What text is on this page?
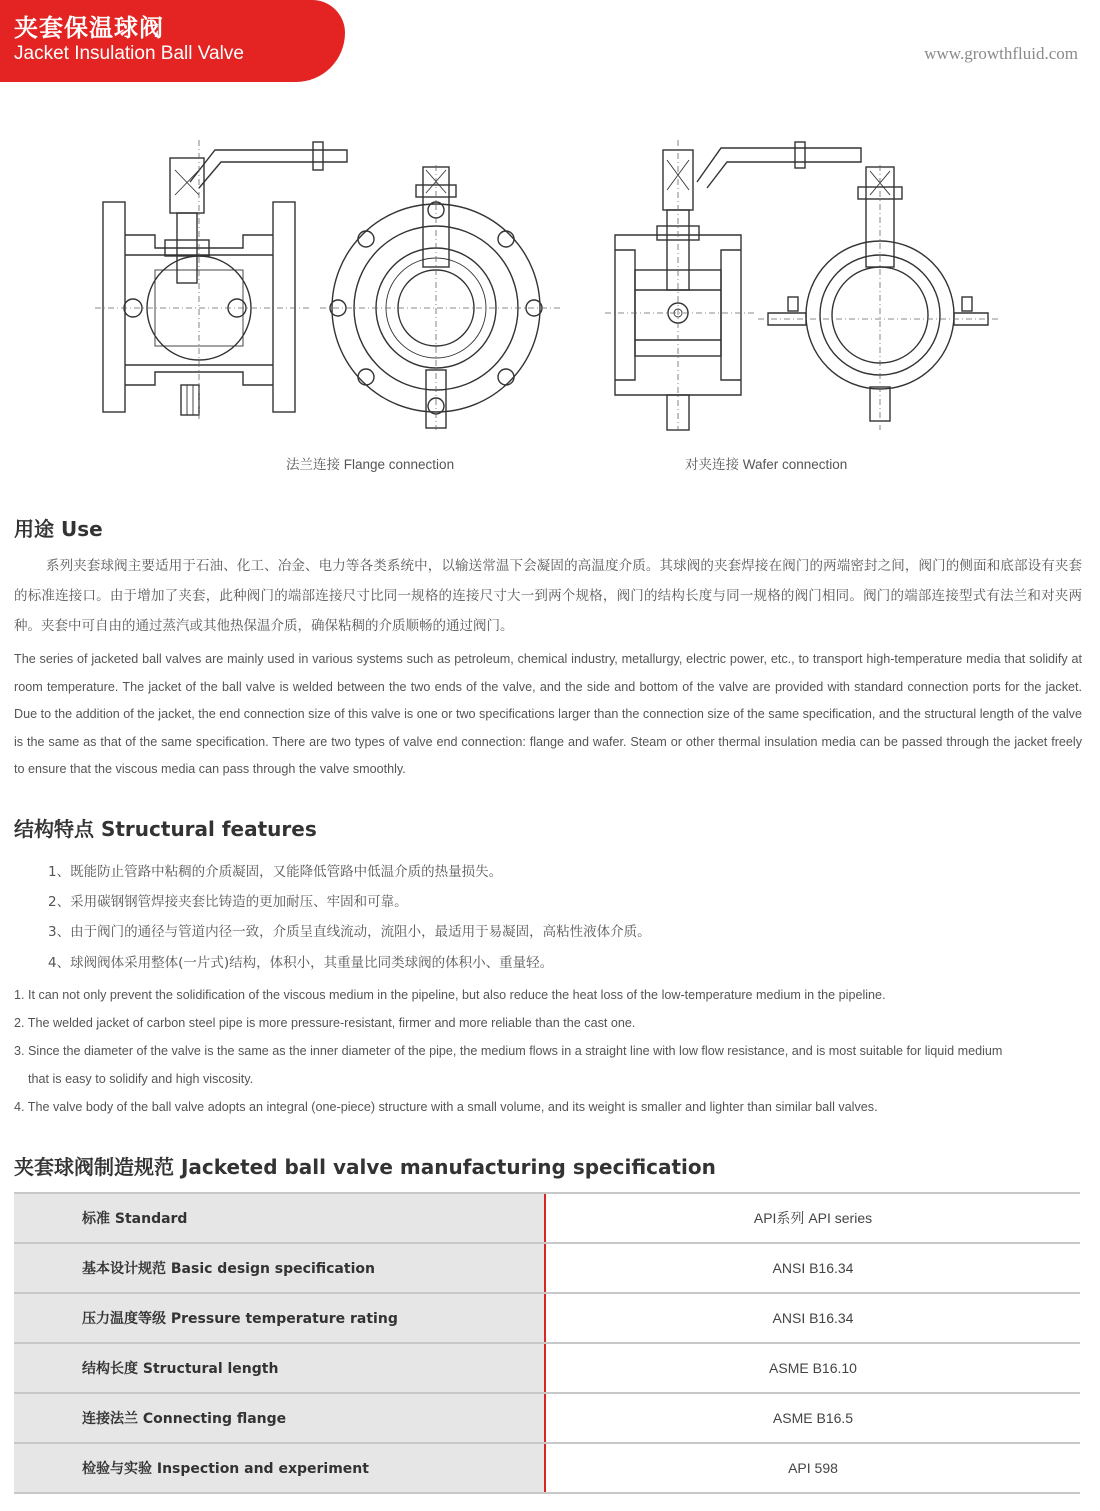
夹套保温球阀
Jacket Insulation Ball Valve	www.growthfluid.com
法兰连接 Flange connection	对夹连接 Wafer connection
用途 Use
系列夹套球阀主要适用于石油、化工、冶金、电力等各类系统中，以输送常温下会凝固的高温度介质。其球阀的夹套焊接在阀门的两端密封之间，阀门的侧面和底部设有夹套的标准连接口。由于增加了夹套，此种阀门的端部连接尺寸比同一规格的连接尺寸大一到两个规格，阀门的结构长度与同一规格的阀门相同。阀门的端部连接型式有法兰和对夹两种。夹套中可自由的通过蒸汽或其他热保温介质，确保粘稠的介质顺畅的通过阀门。
The series of jacketed ball valves are mainly used in various systems such as petroleum, chemical industry, metallurgy, electric power, etc., to transport high-temperature media that solidify at room temperature. The jacket of the ball valve is welded between the two ends of the valve, and the side and bottom of the valve are provided with standard connection ports for the jacket. Due to the addition of the jacket, the end connection size of this valve is one or two specifications larger than the connection size of the same specification, and the structural length of the valve is the same as that of the same specification. There are two types of valve end connection: flange and wafer. Steam or other thermal insulation media can be passed through the jacket freely to ensure that the viscous media can pass through the valve smoothly.
结构特点 Structural features
1、既能防止管路中粘稠的介质凝固，又能降低管路中低温介质的热量损失。
2、采用碳钢钢管焊接夹套比铸造的更加耐压、牢固和可靠。
3、由于阀门的通径与管道内径一致，介质呈直线流动，流阻小，最适用于易凝固，高粘性液体介质。
4、球阀阀体采用整体(一片式)结构，体积小，其重量比同类球阀的体积小、重量轻。
1. It can not only prevent the solidification of the viscous medium in the pipeline, but also reduce the heat loss of the low-temperature medium in the pipeline.
2. The welded jacket of carbon steel pipe is more pressure-resistant, firmer and more reliable than the cast one.
3. Since the diameter of the valve is the same as the inner diameter of the pipe, the medium flows in a straight line with low flow resistance, and is most suitable for liquid medium
that is easy to solidify and high viscosity.
4. The valve body of the ball valve adopts an integral (one-piece) structure with a small volume, and its weight is smaller and lighter than similar ball valves.
夹套球阀制造规范 Jacketed ball valve manufacturing specification
标准 Standard	API系列 API series
基本设计规范 Basic design specification	ANSI B16.34
压力温度等级 Pressure temperature rating	ANSI B16.34
结构长度 Structural length	ASME B16.10
连接法兰 Connecting flange	ASME B16.5
检验与实验 Inspection and experiment	API 598
